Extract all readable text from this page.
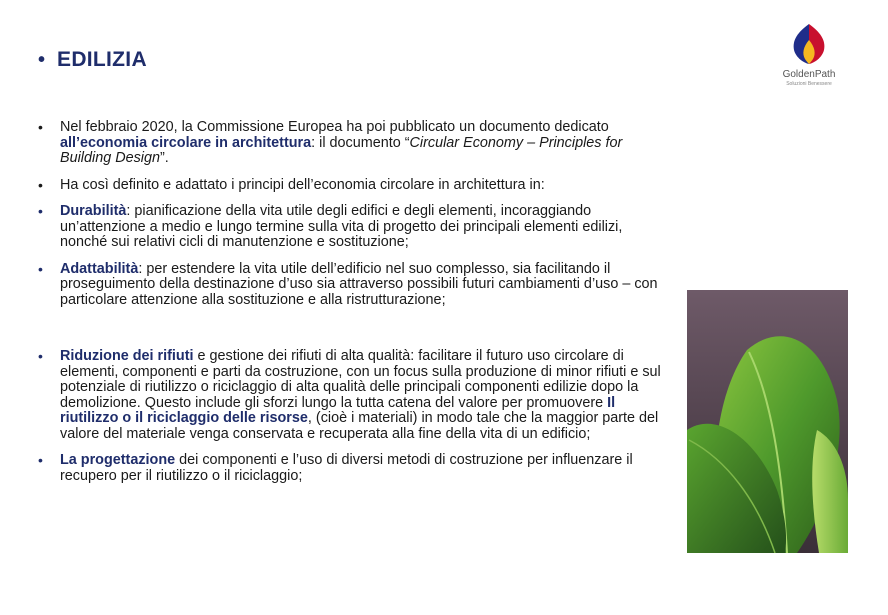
• EDILIZIA
GoldenPath
Soluzioni Benessere

• Nel febbraio 2020, la Commissione Europea ha poi pubblicato un documento dedicato all’economia circolare in architettura: il documento “Circular Economy – Principles for Building Design”.

• Ha così definito e adattato i principi dell’economia circolare in architettura in:

• Durabilità: pianificazione della vita utile degli edifici e degli elementi, incoraggiando un’attenzione a medio e lungo termine sulla vita di progetto dei principali elementi edilizi, nonché sui relativi cicli di manutenzione e sostituzione;

• Adattabilità: per estendere la vita utile dell’edificio nel suo complesso, sia facilitando il proseguimento della destinazione d’uso sia attraverso possibili futuri cambiamenti d’uso – con particolare attenzione alla sostituzione e alla ristrutturazione;

• Riduzione dei rifiuti e gestione dei rifiuti di alta qualità: facilitare il futuro uso circolare di elementi, componenti e parti da costruzione, con un focus sulla produzione di minor rifiuti e sul potenziale di riutilizzo o riciclaggio di alta qualità delle principali componenti edilizie dopo la demolizione. Questo include gli sforzi lungo la tutta catena del valore per promuovere Il riutilizzo o il riciclaggio delle risorse, (cioè i materiali) in modo tale che la maggior parte del valore del materiale venga conservata e recuperata alla fine della vita di un edificio;

• La progettazione dei componenti e l’uso di diversi metodi di costruzione per influenzare il recupero per il riutilizzo o il riciclaggio;
